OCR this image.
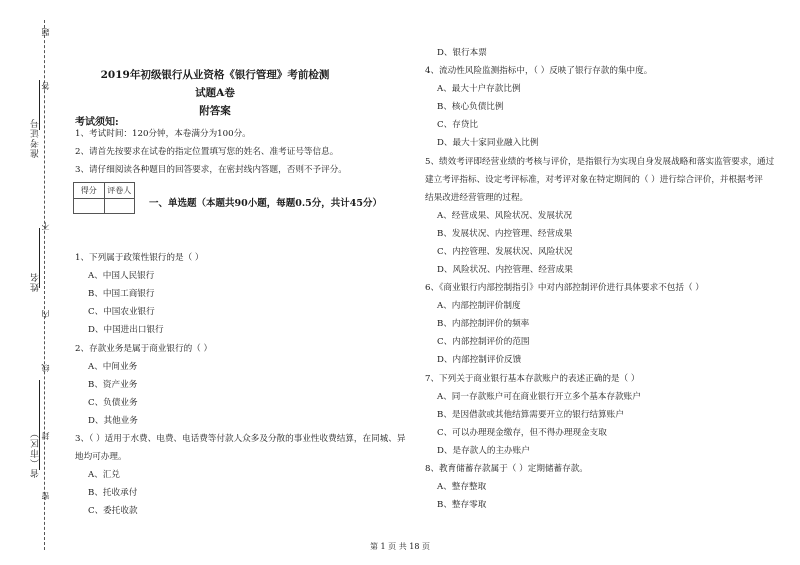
题
答
准考证号
不
姓名
内
线
封
省（市区）
密
2019年初级银行从业资格《银行管理》考前检测试题A卷
附答案
考试须知:
1、考试时间：120分钟，本卷满分为100分。
2、请首先按要求在试卷的指定位置填写您的姓名、准考证号等信息。
3、请仔细阅读各种题目的回答要求，在密封线内答题，否则不予评分。
得分	评卷人
一、单选题（本题共90小题，每题0.5分，共计45分）
1、下列属于政策性银行的是（ ）
A、中国人民银行
B、中国工商银行
C、中国农业银行
D、中国进出口银行
2、存款业务是属于商业银行的（ ）
A、中间业务
B、资产业务
C、负债业务
D、其他业务
3、（ ）适用于水费、电费、电话费等付款人众多及分散的事业性收费结算，在同城、异
地均可办理。
A、汇兑
B、托收承付
C、委托收款
D、银行本票
4、流动性风险监测指标中，（ ）反映了银行存款的集中度。
A、最大十户存款比例
B、核心负债比例
C、存贷比
D、最大十家同业融入比例
5、绩效考评即经营业绩的考核与评价，是指银行为实现自身发展战略和落实监管要求，通过
建立考评指标、设定考评标准，对考评对象在特定期间的（ ）进行综合评价，并根据考评
结果改进经营管理的过程。
A、经营成果、风险状况、发展状况
B、发展状况、内控管理、经营成果
C、内控管理、发展状况、风险状况
D、风险状况、内控管理、经营成果
6、《商业银行内部控制指引》中对内部控制评价进行具体要求不包括（ ）
A、内部控制评价制度
B、内部控制评价的频率
C、内部控制评价的范围
D、内部控制评价反馈
7、下列关于商业银行基本存款账户的表述正确的是（ ）
A、同一存款账户可在商业银行开立多个基本存款账户
B、是因借款或其他结算需要开立的银行结算账户
C、可以办理现金缴存，但不得办理现金支取
D、是存款人的主办账户
8、教育储蓄存款属于（ ）定期储蓄存款。
A、整存整取
B、整存零取
第 1 页 共 18 页
